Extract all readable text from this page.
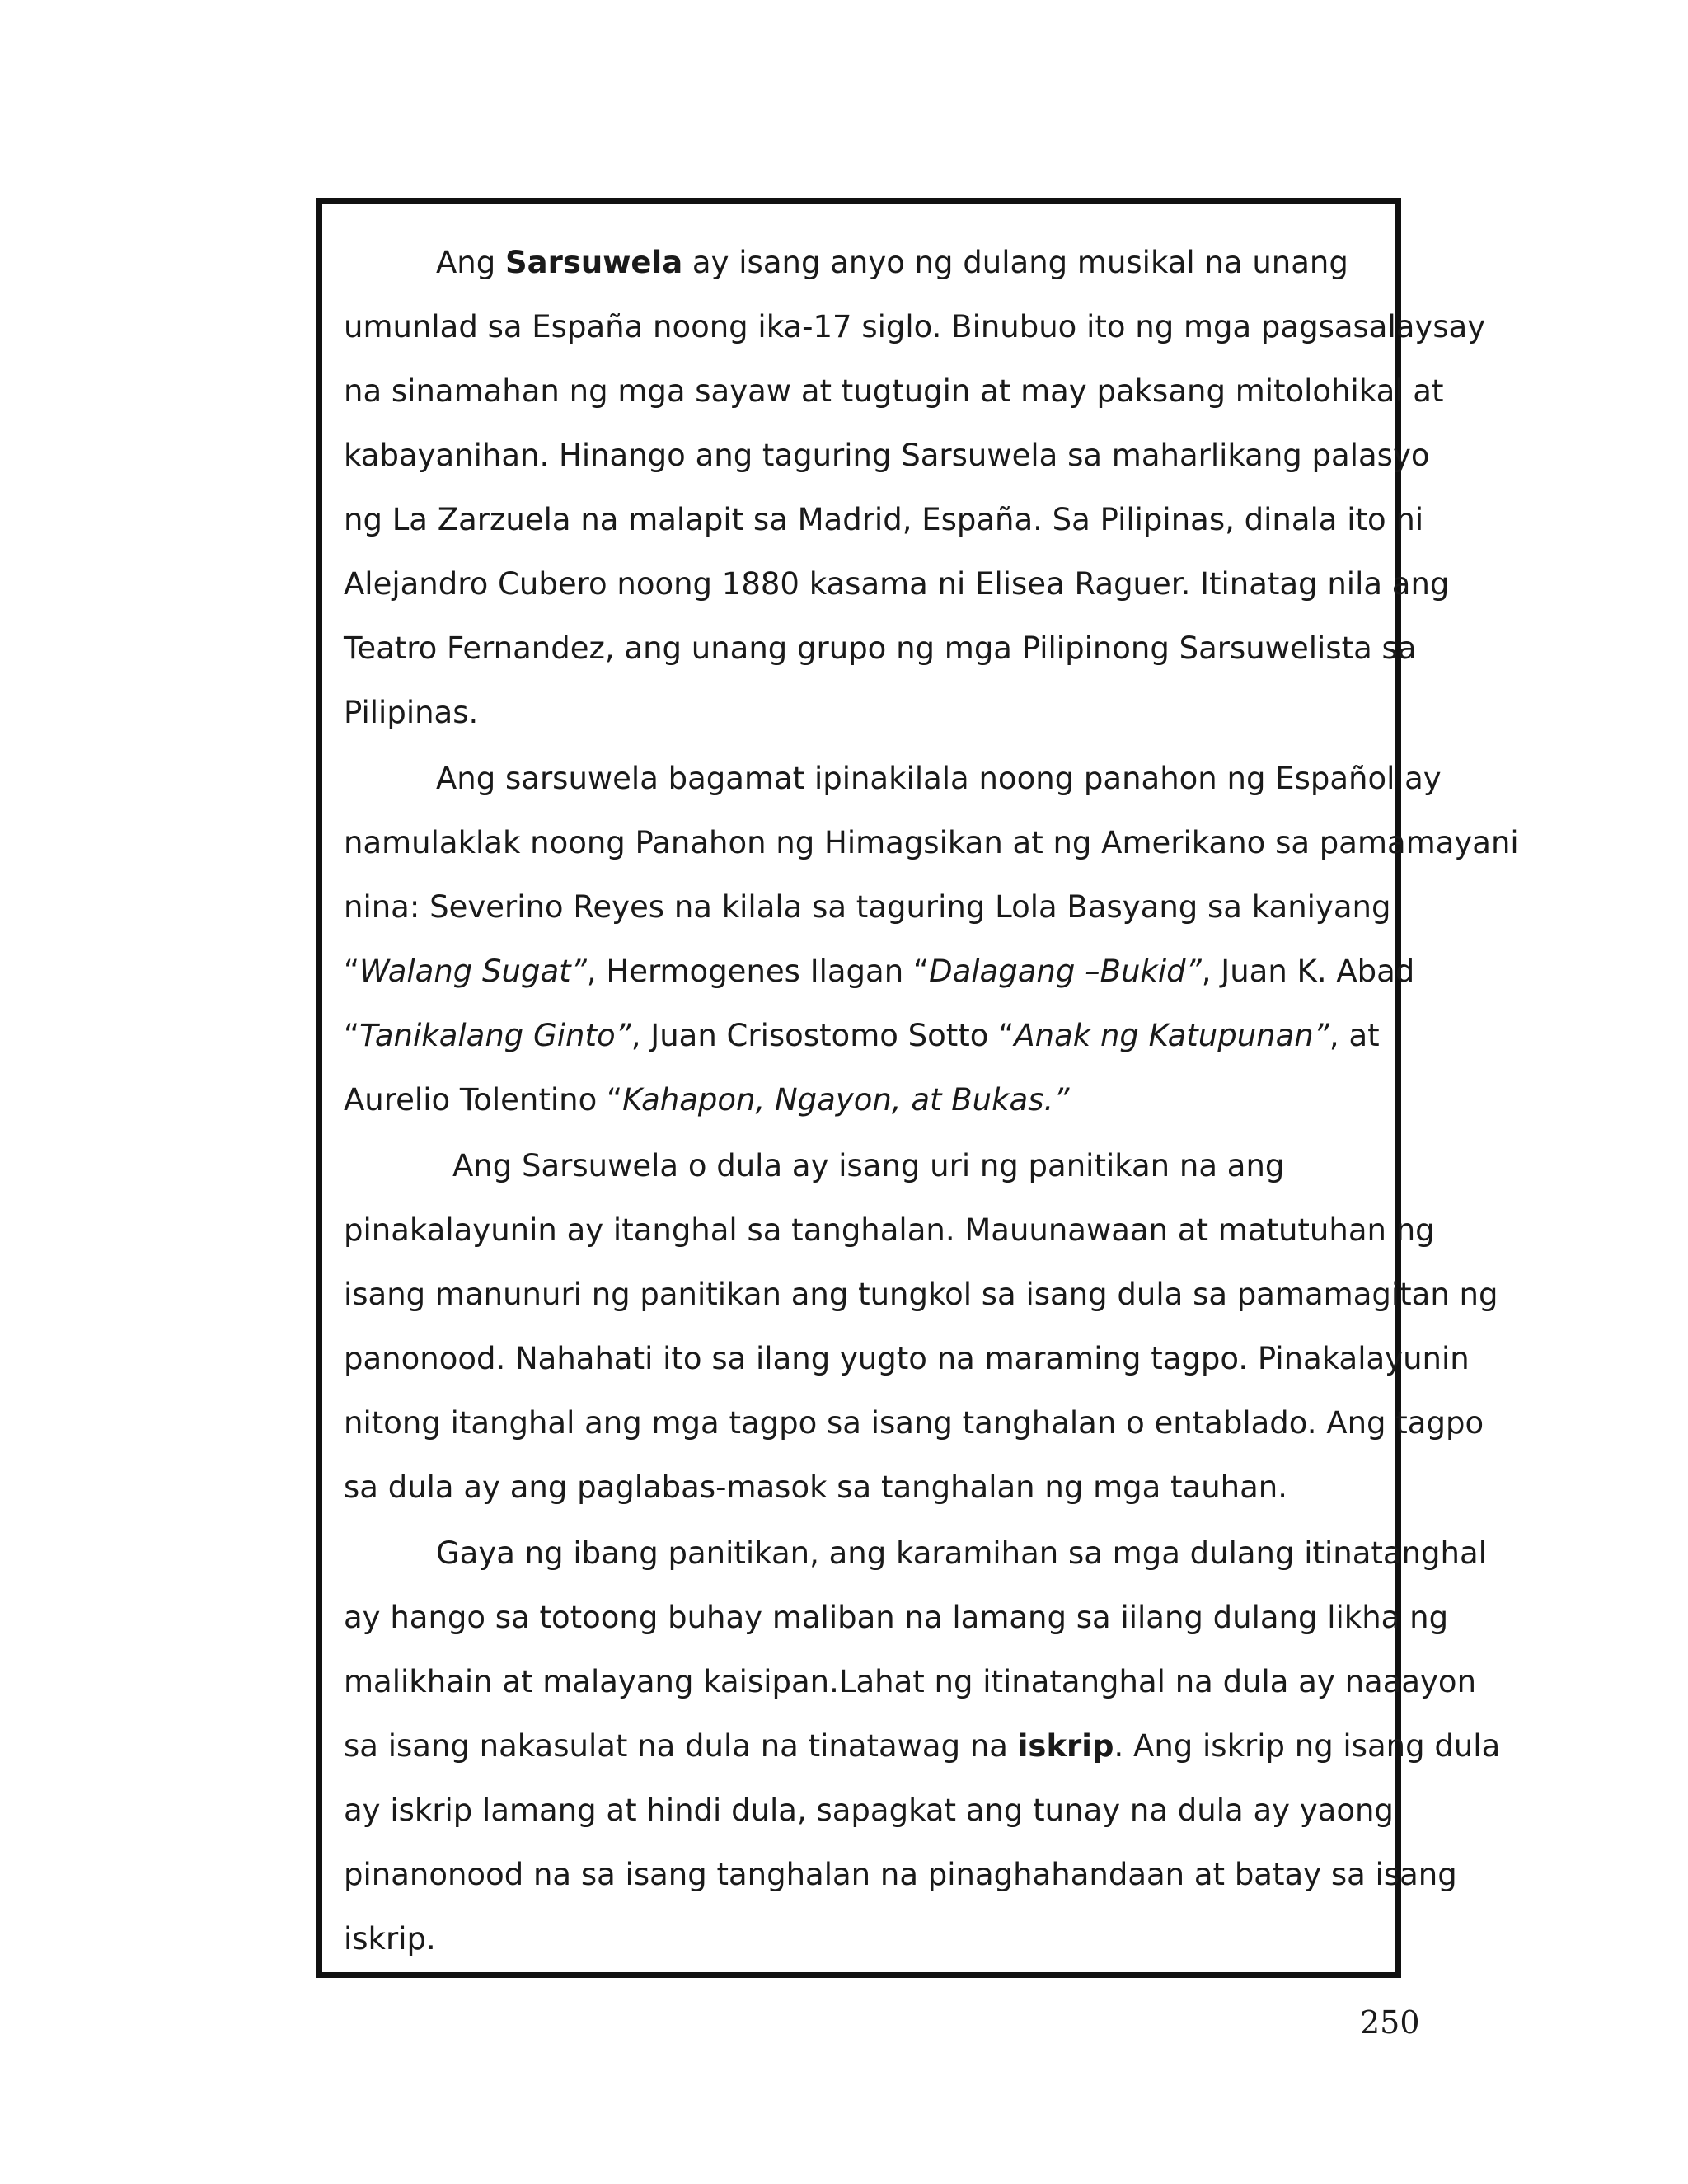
Ang Sarsuwela ay isang anyo ng dulang musikal na unang
umunlad sa España noong ika-17 siglo. Binubuo ito ng mga pagsasalaysay
na sinamahan ng mga sayaw at tugtugin at may paksang mitolohikal at
kabayanihan. Hinango ang taguring Sarsuwela sa maharlikang palasyo
ng La Zarzuela na malapit sa Madrid, España. Sa Pilipinas, dinala ito ni
Alejandro Cubero noong 1880 kasama ni Elisea Raguer. Itinatag nila ang
Teatro Fernandez, ang unang grupo ng mga Pilipinong Sarsuwelista sa
Pilipinas.
Ang sarsuwela bagamat ipinakilala noong panahon ng Español ay
namulaklak noong Panahon ng Himagsikan at ng Amerikano sa pamamayani
nina: Severino Reyes na kilala sa taguring Lola Basyang sa kaniyang
“Walang Sugat”, Hermogenes Ilagan “Dalagang –Bukid”, Juan K. Abad
“Tanikalang Ginto”, Juan Crisostomo Sotto “Anak ng Katupunan”, at
Aurelio Tolentino “Kahapon, Ngayon, at Bukas.”
Ang Sarsuwela o dula ay isang uri ng panitikan na ang
pinakalayunin ay itanghal sa tanghalan. Mauunawaan at matutuhan ng
isang manunuri ng panitikan ang tungkol sa isang dula sa pamamagitan ng
panonood. Nahahati ito sa ilang yugto na maraming tagpo. Pinakalayunin
nitong itanghal ang mga tagpo sa isang tanghalan o entablado. Ang tagpo
sa dula ay ang paglabas-masok sa tanghalan ng mga tauhan.
Gaya ng ibang panitikan, ang karamihan sa mga dulang itinatanghal
ay hango sa totoong buhay maliban na lamang sa iilang dulang likha ng
malikhain at malayang kaisipan.Lahat ng itinatanghal na dula ay naaayon
sa isang nakasulat na dula na tinatawag na iskrip. Ang iskrip ng isang dula
ay iskrip lamang at hindi dula, sapagkat ang tunay na dula ay yaong
pinanonood na sa isang tanghalan na pinaghahandaan at batay sa isang
iskrip.
250
